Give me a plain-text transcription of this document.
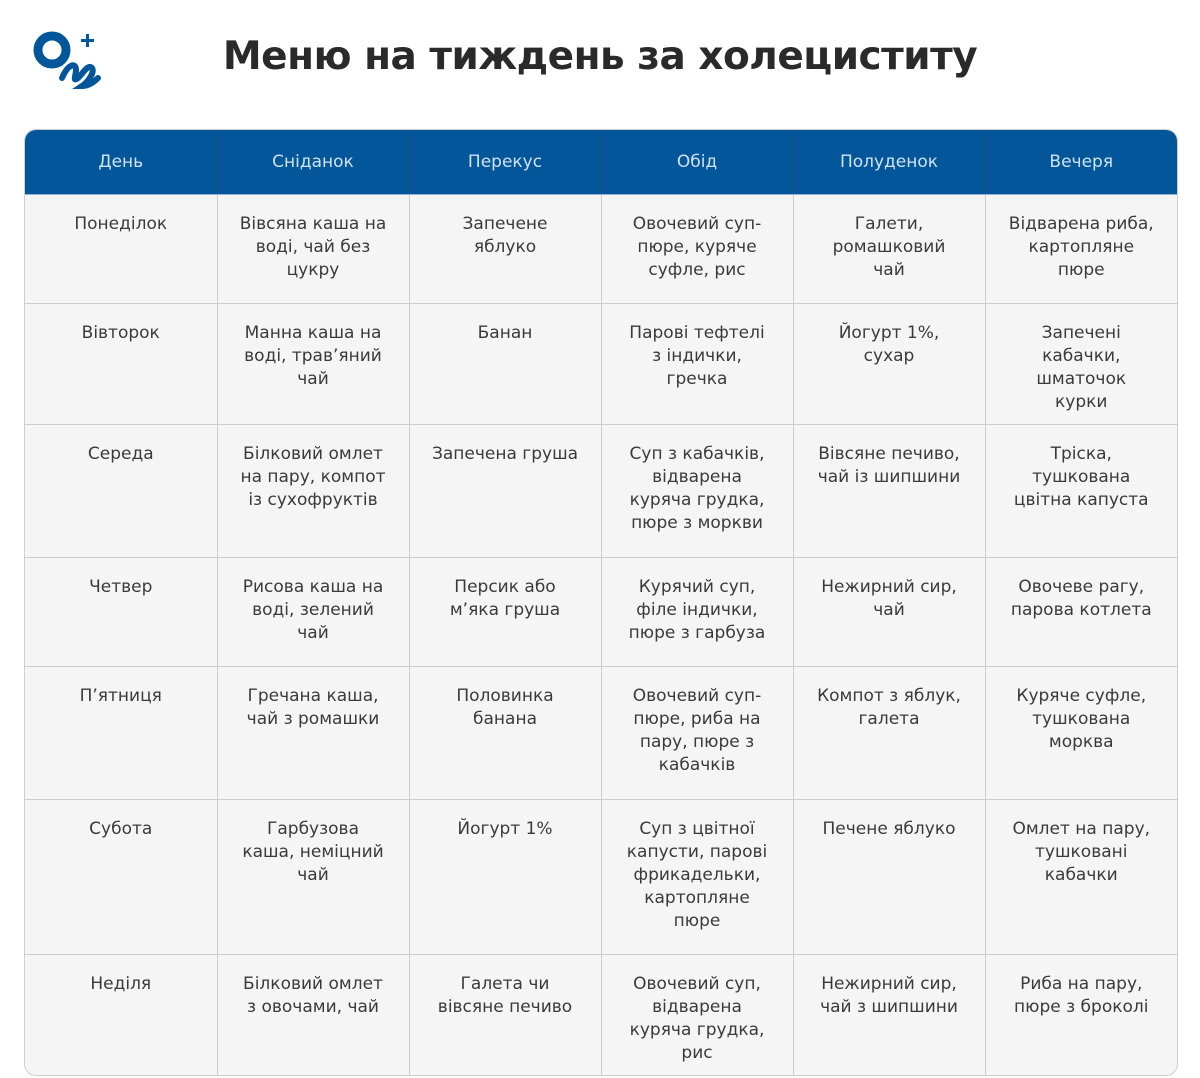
Меню на тиждень за холециститу
День	Сніданок	Перекус	Обід	Полуденок	Вечеря
Понеділок	Вівсяна каша на воді, чай без цукру	Запечене яблуко	Овочевий суп-пюре, куряче суфле, рис	Галети, ромашковий чай	Відварена риба, картопляне пюре
Вівторок	Манна каша на воді, трав’яний чай	Банан	Парові тефтелі з індички, гречка	Йогурт 1%, сухар	Запечені кабачки, шматочок курки
Середа	Білковий омлет на пару, компот із сухофруктів	Запечена груша	Суп з кабачків, відварена куряча грудка, пюре з моркви	Вівсяне печиво, чай із шипшини	Тріска, тушкована цвітна капуста
Четвер	Рисова каша на воді, зелений чай	Персик або м’яка груша	Курячий суп, філе індички, пюре з гарбуза	Нежирний сир, чай	Овочеве рагу, парова котлета
П’ятниця	Гречана каша, чай з ромашки	Половинка банана	Овочевий суп-пюре, риба на пару, пюре з кабачків	Компот з яблук, галета	Куряче суфле, тушкована морква
Субота	Гарбузова каша, неміцний чай	Йогурт 1%	Суп з цвітної капусти, парові фрикадельки, картопляне пюре	Печене яблуко	Омлет на пару, тушковані кабачки
Неділя	Білковий омлет з овочами, чай	Галета чи вівсяне печиво	Овочевий суп, відварена куряча грудка, рис	Нежирний сир, чай з шипшини	Риба на пару, пюре з броколі
